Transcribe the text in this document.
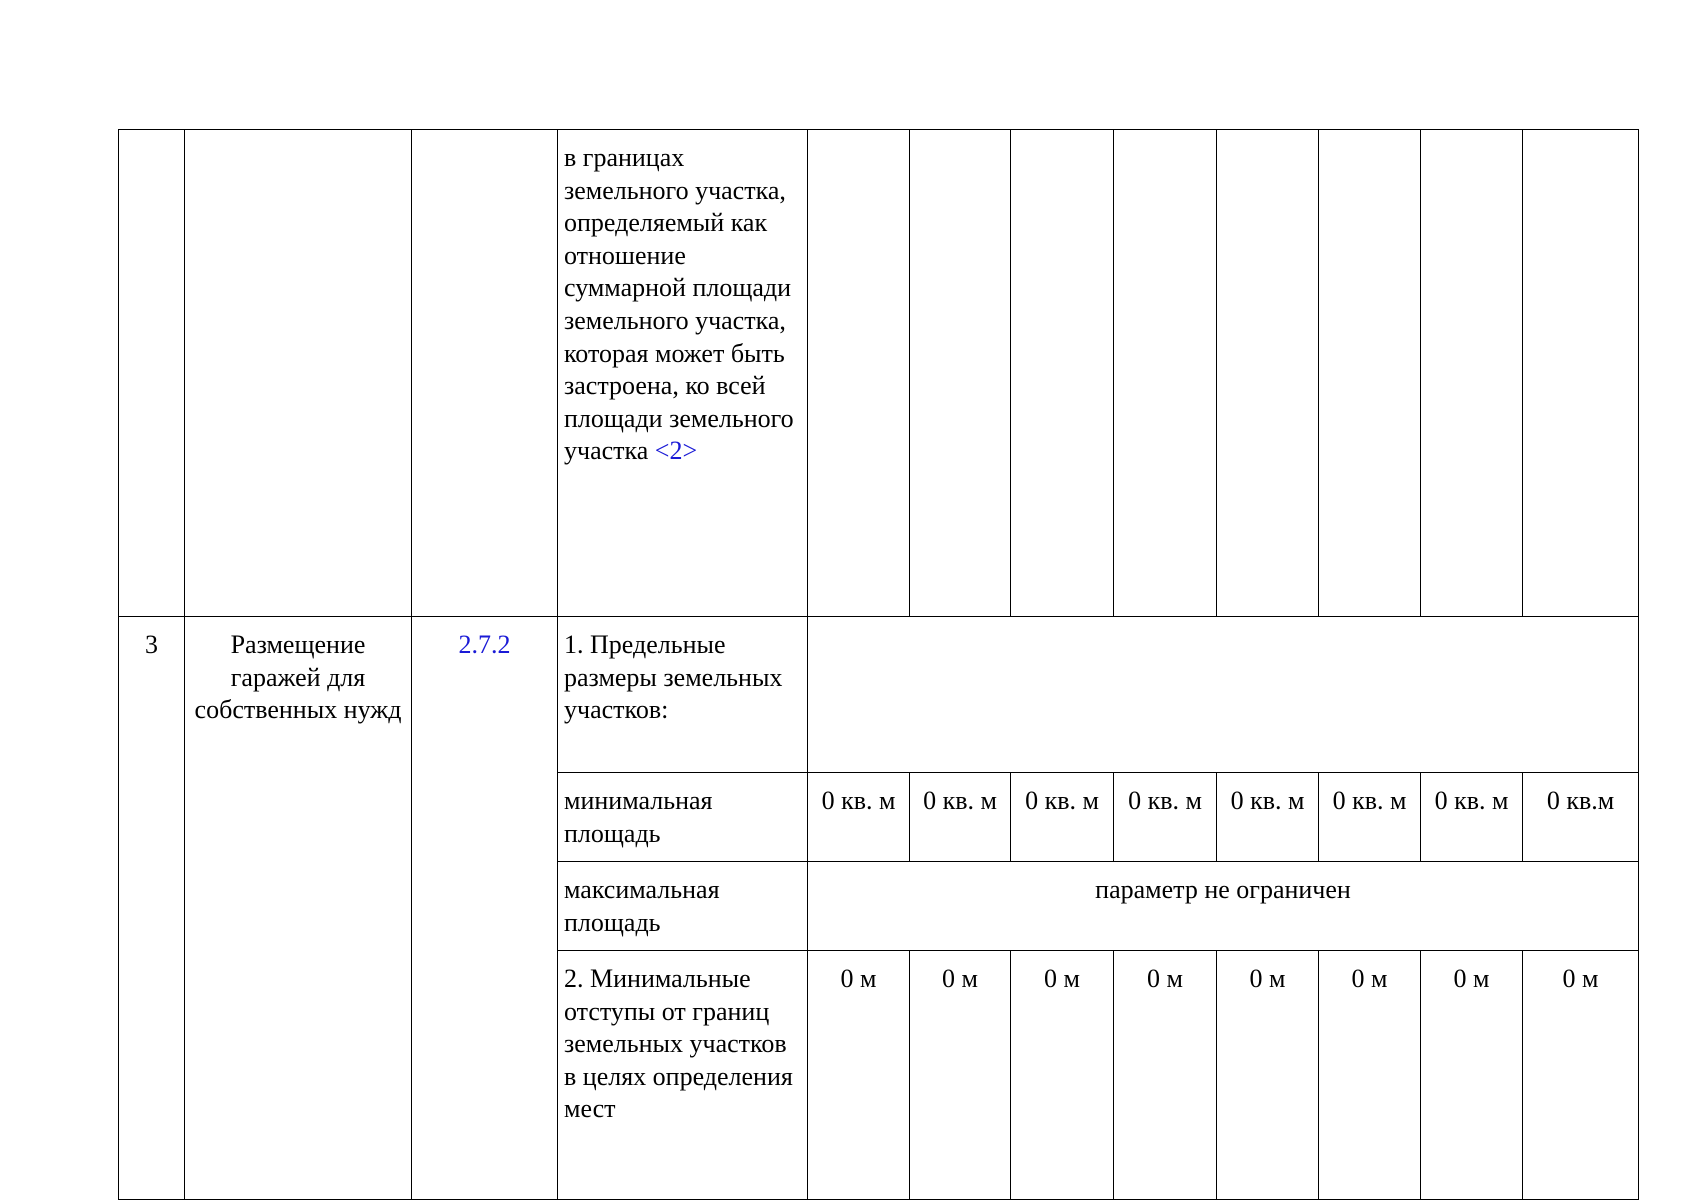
			в границах земельного участка, определяемый как отношение суммарной площади земельного участка, которая может быть застроена, ко всей площади земельного участка <2>								
3	Размещение гаражей для собственных нужд	2.7.2	1. Предельные размеры земельных участков:								
			минимальная площадь	0 кв. м	0 кв. м	0 кв. м	0 кв. м	0 кв. м	0 кв. м	0 кв. м	0 кв.м
			максимальная площадь	параметр не ограничен							
			2. Минимальные отступы от границ земельных участков в целях определения мест	0 м	0 м	0 м	0 м	0 м	0 м	0 м	0 м
